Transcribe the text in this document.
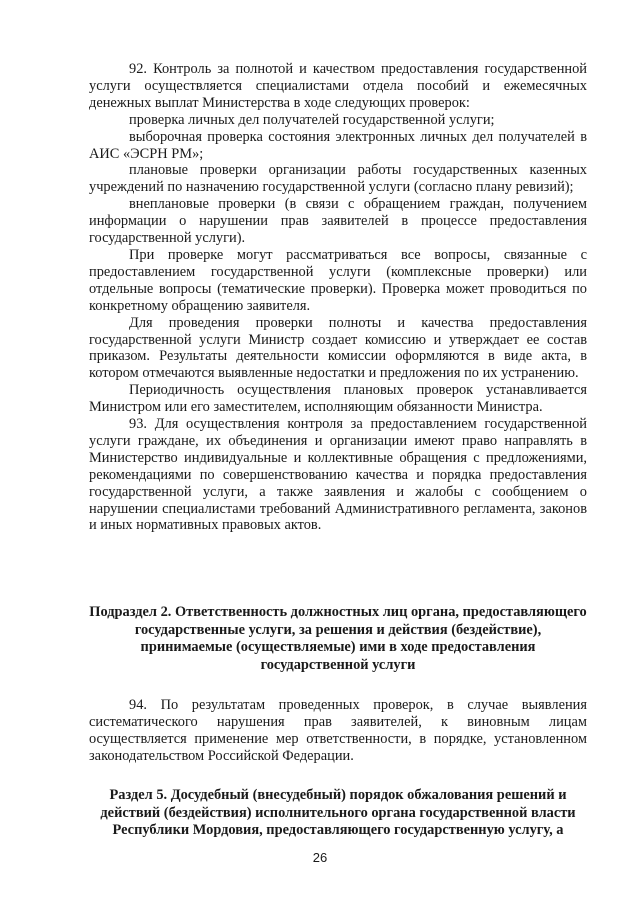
92. Контроль за полнотой и качеством предоставления государственной услуги осуществляется специалистами отдела пособий и ежемесячных денежных выплат Министерства в ходе следующих проверок:

проверка личных дел получателей государственной услуги;

выборочная проверка состояния электронных личных дел получателей в АИС «ЭСРН РМ»;

плановые проверки организации работы государственных казенных учреждений по назначению государственной услуги (согласно плану ревизий);

внеплановые проверки (в связи с обращением граждан, получением информации о нарушении прав заявителей в процессе предоставления государственной услуги).

При проверке могут рассматриваться все вопросы, связанные с предоставлением государственной услуги (комплексные проверки) или отдельные вопросы (тематические проверки). Проверка может проводиться по конкретному обращению заявителя.

Для проведения проверки полноты и качества предоставления государственной услуги Министр создает комиссию и утверждает ее состав приказом. Результаты деятельности комиссии оформляются в виде акта, в котором отмечаются выявленные недостатки и предложения по их устранению.

Периодичность осуществления плановых проверок устанавливается Министром или его заместителем, исполняющим обязанности Министра.

93. Для осуществления контроля за предоставлением государственной услуги граждане, их объединения и организации имеют право направлять в Министерство индивидуальные и коллективные обращения с предложениями, рекомендациями по совершенствованию качества и порядка предоставления государственной услуги, а также заявления и жалобы с сообщением о нарушении специалистами требований Административного регламента, законов и иных нормативных правовых актов.

Подраздел 2. Ответственность должностных лиц органа, предоставляющего государственные услуги, за решения и действия (бездействие), принимаемые (осуществляемые) ими в ходе предоставления государственной услуги

94. По результатам проведенных проверок, в случае выявления систематического нарушения прав заявителей, к виновным лицам осуществляется применение мер ответственности, в порядке, установленном законодательством Российской Федерации.

Раздел 5. Досудебный (внесудебный) порядок обжалования решений и действий (бездействия) исполнительного органа государственной власти Республики Мордовия, предоставляющего государственную услугу, а
26
